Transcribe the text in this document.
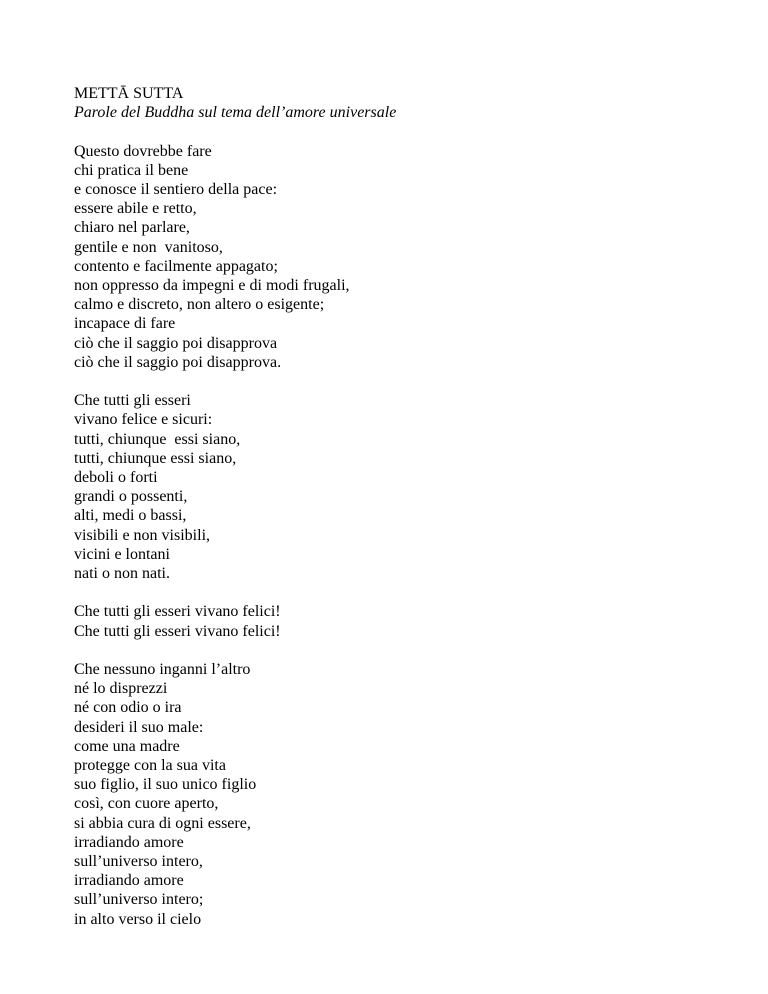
METTĀ SUTTA
Parole del Buddha sul tema dell’amore universale
Questo dovrebbe fare
chi pratica il bene
e conosce il sentiero della pace:
essere abile e retto,
chiaro nel parlare,
gentile e non  vanitoso,
contento e facilmente appagato;
non oppresso da impegni e di modi frugali,
calmo e discreto, non altero o esigente;
incapace di fare
ciò che il saggio poi disapprova
ciò che il saggio poi disapprova.
Che tutti gli esseri
vivano felice e sicuri:
tutti, chiunque  essi siano,
tutti, chiunque essi siano,
deboli o forti
grandi o possenti,
alti, medi o bassi,
visibili e non visibili,
vicini e lontani
nati o non nati.
Che tutti gli esseri vivano felici!
Che tutti gli esseri vivano felici!
Che nessuno inganni l’altro
né lo disprezzi
né con odio o ira
desideri il suo male:
come una madre
protegge con la sua vita
suo figlio, il suo unico figlio
così, con cuore aperto,
si abbia cura di ogni essere,
irradiando amore
sull’universo intero,
irradiando amore
sull’universo intero;
in alto verso il cielo
